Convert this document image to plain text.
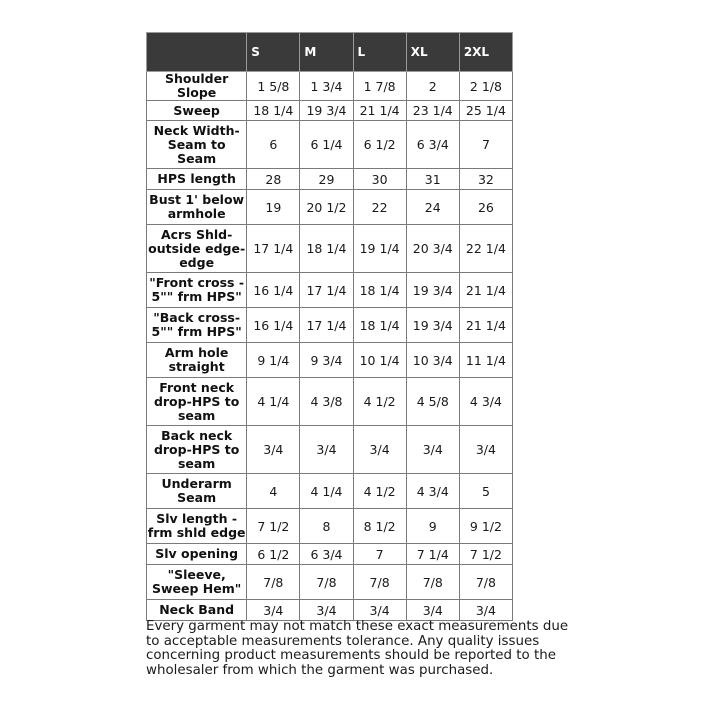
	S	M	L	XL	2XL
Shoulder Slope	1 5/8	1 3/4	1 7/8	2	2 1/8
Sweep	18 1/4	19 3/4	21 1/4	23 1/4	25 1/4
Neck Width-Seam to Seam	6	6 1/4	6 1/2	6 3/4	7
HPS length	28	29	30	31	32
Bust 1' below armhole	19	20 1/2	22	24	26
Acrs Shld-outside edge- edge	17 1/4	18 1/4	19 1/4	20 3/4	22 1/4
"Front cross - 5"" frm HPS"	16 1/4	17 1/4	18 1/4	19 3/4	21 1/4
"Back cross- 5"" frm HPS"	16 1/4	17 1/4	18 1/4	19 3/4	21 1/4
Arm hole straight	9 1/4	9 3/4	10 1/4	10 3/4	11 1/4
Front neck drop-HPS to seam	4 1/4	4 3/8	4 1/2	4 5/8	4 3/4
Back neck drop-HPS to seam	3/4	3/4	3/4	3/4	3/4
Underarm Seam	4	4 1/4	4 1/2	4 3/4	5
Slv length - frm shld edge	7 1/2	8	8 1/2	9	9 1/2
Slv opening	6 1/2	6 3/4	7	7 1/4	7 1/2
"Sleeve, Sweep Hem"	7/8	7/8	7/8	7/8	7/8
Neck Band	3/4	3/4	3/4	3/4	3/4

Every garment may not match these exact measurements due to acceptable measurements tolerance. Any quality issues concerning product measurements should be reported to the wholesaler from which the garment was purchased.
